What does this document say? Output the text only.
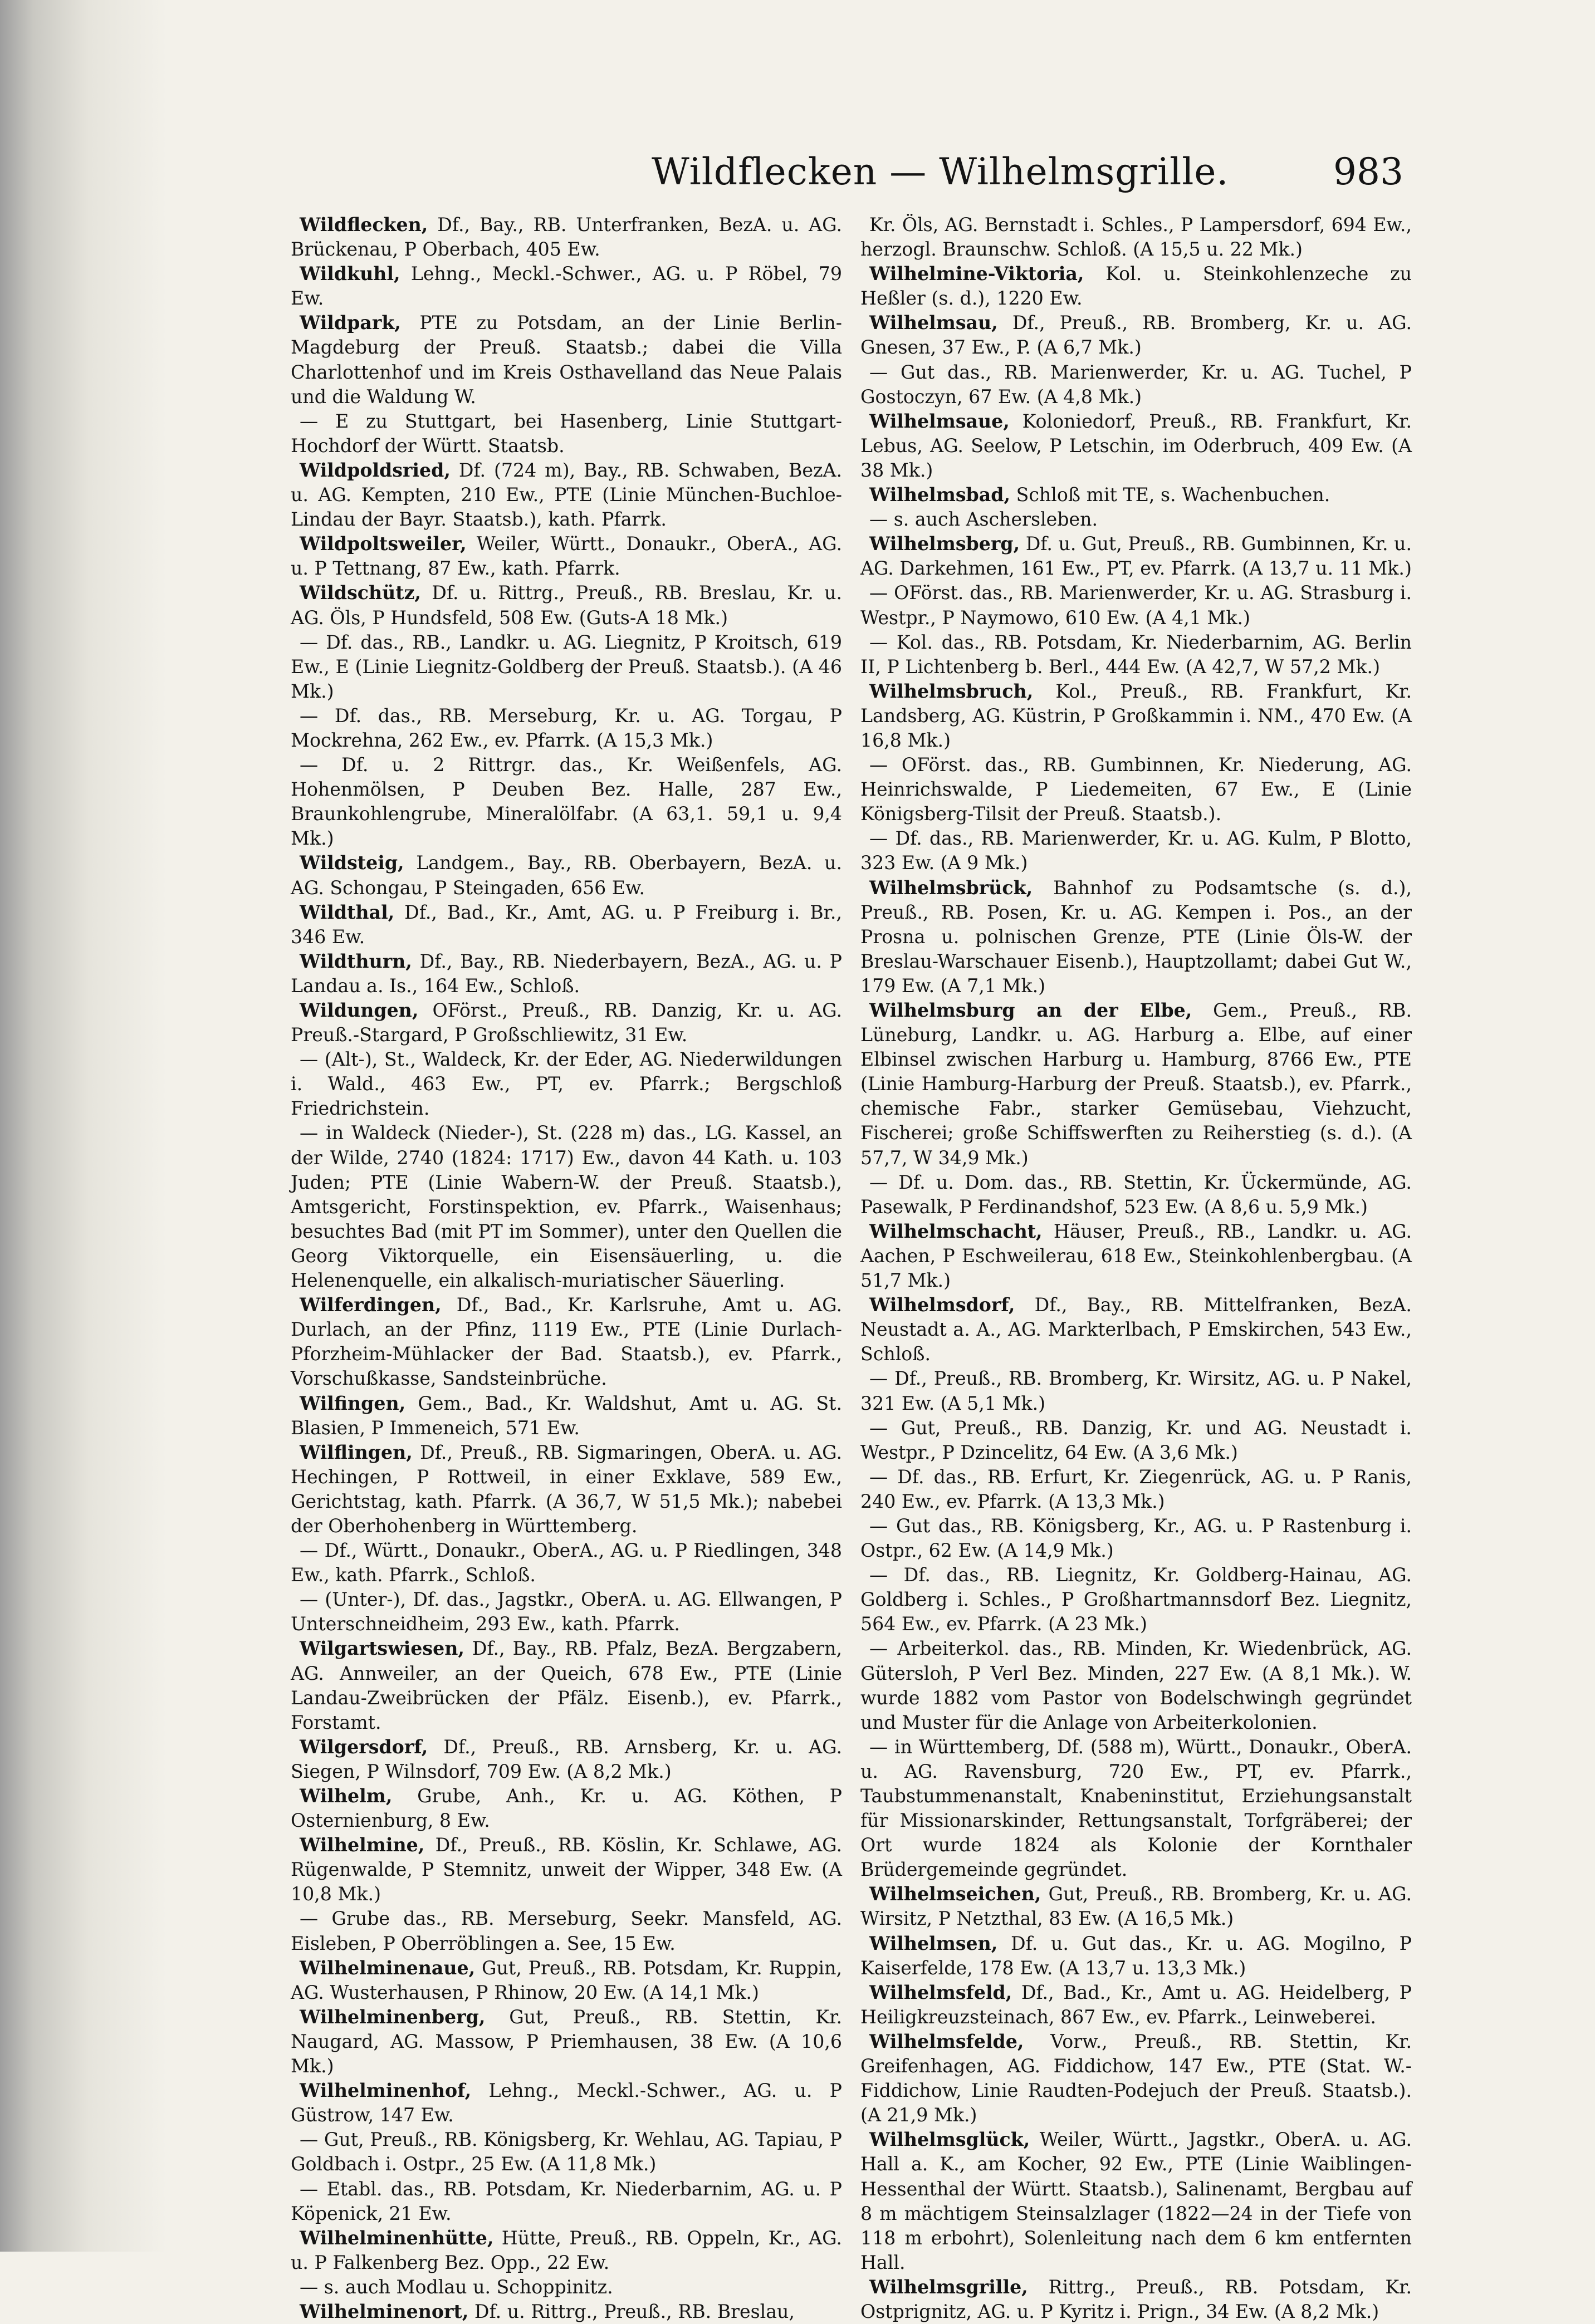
Wildflecken — Wilhelmsgrille.	983

Wildflecken, Df., Bay., RB. Unterfranken, BezA. u. AG. Brückenau, P Oberbach, 405 Ew.

Wildkuhl, Lehng., Meckl.-Schwer., AG. u. P Röbel, 79 Ew.

Wildpark, PTE zu Potsdam, an der Linie Berlin-Magdeburg der Preuß. Staatsb.; dabei die Villa Charlottenhof und im Kreis Osthavelland das Neue Palais und die Waldung W.

— E zu Stuttgart, bei Hasenberg, Linie Stuttgart-Hochdorf der Württ. Staatsb.

Wildpoldsried, Df. (724 m), Bay., RB. Schwaben, BezA. u. AG. Kempten, 210 Ew., PTE (Linie München-Buchloe-Lindau der Bayr. Staatsb.), kath. Pfarrk.

Wildpoltsweiler, Weiler, Württ., Donaukr., OberA., AG. u. P Tettnang, 87 Ew., kath. Pfarrk.

Wildschütz, Df. u. Rittrg., Preuß., RB. Breslau, Kr. u. AG. Öls, P Hundsfeld, 508 Ew. (Guts-A 18 Mk.)

— Df. das., RB., Landkr. u. AG. Liegnitz, P Kroitsch, 619 Ew., E (Linie Liegnitz-Goldberg der Preuß. Staatsb.). (A 46 Mk.)

— Df. das., RB. Merseburg, Kr. u. AG. Torgau, P Mockrehna, 262 Ew., ev. Pfarrk. (A 15,3 Mk.)

— Df. u. 2 Rittrgr. das., Kr. Weißenfels, AG. Hohenmölsen, P Deuben Bez. Halle, 287 Ew., Braunkohlengrube, Mineralölfabr. (A 63,1. 59,1 u. 9,4 Mk.)

Wildsteig, Landgem., Bay., RB. Oberbayern, BezA. u. AG. Schongau, P Steingaden, 656 Ew.

Wildthal, Df., Bad., Kr., Amt, AG. u. P Freiburg i. Br., 346 Ew.

Wildthurn, Df., Bay., RB. Niederbayern, BezA., AG. u. P Landau a. Is., 164 Ew., Schloß.

Wildungen, OFörst., Preuß., RB. Danzig, Kr. u. AG. Preuß.-Stargard, P Großschliewitz, 31 Ew.

— (Alt-), St., Waldeck, Kr. der Eder, AG. Niederwildungen i. Wald., 463 Ew., PT, ev. Pfarrk.; Bergschloß Friedrichstein.

— in Waldeck (Nieder-), St. (228 m) das., LG. Kassel, an der Wilde, 2740 (1824: 1717) Ew., davon 44 Kath. u. 103 Juden; PTE (Linie Wabern-W. der Preuß. Staatsb.), Amtsgericht, Forstinspektion, ev. Pfarrk., Waisenhaus; besuchtes Bad (mit PT im Sommer), unter den Quellen die Georg Viktorquelle, ein Eisensäuerling, u. die Helenenquelle, ein alkalisch-muriatischer Säuerling.

Wilferdingen, Df., Bad., Kr. Karlsruhe, Amt u. AG. Durlach, an der Pfinz, 1119 Ew., PTE (Linie Durlach-Pforzheim-Mühlacker der Bad. Staatsb.), ev. Pfarrk., Vorschußkasse, Sandsteinbrüche.

Wilfingen, Gem., Bad., Kr. Waldshut, Amt u. AG. St. Blasien, P Immeneich, 571 Ew.

Wilflingen, Df., Preuß., RB. Sigmaringen, OberA. u. AG. Hechingen, P Rottweil, in einer Exklave, 589 Ew., Gerichtstag, kath. Pfarrk. (A 36,7, W 51,5 Mk.); nabebei der Oberhohenberg in Württemberg.

— Df., Württ., Donaukr., OberA., AG. u. P Riedlingen, 348 Ew., kath. Pfarrk., Schloß.

— (Unter-), Df. das., Jagstkr., OberA. u. AG. Ellwangen, P Unterschneidheim, 293 Ew., kath. Pfarrk.

Wilgartswiesen, Df., Bay., RB. Pfalz, BezA. Bergzabern, AG. Annweiler, an der Queich, 678 Ew., PTE (Linie Landau-Zweibrücken der Pfälz. Eisenb.), ev. Pfarrk., Forstamt.

Wilgersdorf, Df., Preuß., RB. Arnsberg, Kr. u. AG. Siegen, P Wilnsdorf, 709 Ew. (A 8,2 Mk.)

Wilhelm, Grube, Anh., Kr. u. AG. Köthen, P Osternienburg, 8 Ew.

Wilhelmine, Df., Preuß., RB. Köslin, Kr. Schlawe, AG. Rügenwalde, P Stemnitz, unweit der Wipper, 348 Ew. (A 10,8 Mk.)

— Grube das., RB. Merseburg, Seekr. Mansfeld, AG. Eisleben, P Oberröblingen a. See, 15 Ew.

Wilhelminenaue, Gut, Preuß., RB. Potsdam, Kr. Ruppin, AG. Wusterhausen, P Rhinow, 20 Ew. (A 14,1 Mk.)

Wilhelminenberg, Gut, Preuß., RB. Stettin, Kr. Naugard, AG. Massow, P Priemhausen, 38 Ew. (A 10,6 Mk.)

Wilhelminenhof, Lehng., Meckl.-Schwer., AG. u. P Güstrow, 147 Ew.

— Gut, Preuß., RB. Königsberg, Kr. Wehlau, AG. Tapiau, P Goldbach i. Ostpr., 25 Ew. (A 11,8 Mk.)

— Etabl. das., RB. Potsdam, Kr. Niederbarnim, AG. u. P Köpenick, 21 Ew.

Wilhelminenhütte, Hütte, Preuß., RB. Oppeln, Kr., AG. u. P Falkenberg Bez. Opp., 22 Ew.

— s. auch Modlau u. Schoppinitz.

Wilhelminenort, Df. u. Rittrg., Preuß., RB. Breslau,

Kr. Öls, AG. Bernstadt i. Schles., P Lampersdorf, 694 Ew., herzogl. Braunschw. Schloß. (A 15,5 u. 22 Mk.)

Wilhelmine-Viktoria, Kol. u. Steinkohlenzeche zu Heßler (s. d.), 1220 Ew.

Wilhelmsau, Df., Preuß., RB. Bromberg, Kr. u. AG. Gnesen, 37 Ew., P. (A 6,7 Mk.)

— Gut das., RB. Marienwerder, Kr. u. AG. Tuchel, P Gostoczyn, 67 Ew. (A 4,8 Mk.)

Wilhelmsaue, Koloniedorf, Preuß., RB. Frankfurt, Kr. Lebus, AG. Seelow, P Letschin, im Oderbruch, 409 Ew. (A 38 Mk.)

Wilhelmsbad, Schloß mit TE, s. Wachenbuchen.

— s. auch Aschersleben.

Wilhelmsberg, Df. u. Gut, Preuß., RB. Gumbinnen, Kr. u. AG. Darkehmen, 161 Ew., PT, ev. Pfarrk. (A 13,7 u. 11 Mk.)

— OFörst. das., RB. Marienwerder, Kr. u. AG. Strasburg i. Westpr., P Naymowo, 610 Ew. (A 4,1 Mk.)

— Kol. das., RB. Potsdam, Kr. Niederbarnim, AG. Berlin II, P Lichtenberg b. Berl., 444 Ew. (A 42,7, W 57,2 Mk.)

Wilhelmsbruch, Kol., Preuß., RB. Frankfurt, Kr. Landsberg, AG. Küstrin, P Großkammin i. NM., 470 Ew. (A 16,8 Mk.)

— OFörst. das., RB. Gumbinnen, Kr. Niederung, AG. Heinrichswalde, P Liedemeiten, 67 Ew., E (Linie Königsberg-Tilsit der Preuß. Staatsb.).

— Df. das., RB. Marienwerder, Kr. u. AG. Kulm, P Blotto, 323 Ew. (A 9 Mk.)

Wilhelmsbrück, Bahnhof zu Podsamtsche (s. d.), Preuß., RB. Posen, Kr. u. AG. Kempen i. Pos., an der Prosna u. polnischen Grenze, PTE (Linie Öls-W. der Breslau-Warschauer Eisenb.), Hauptzollamt; dabei Gut W., 179 Ew. (A 7,1 Mk.)

Wilhelmsburg an der Elbe, Gem., Preuß., RB. Lüneburg, Landkr. u. AG. Harburg a. Elbe, auf einer Elbinsel zwischen Harburg u. Hamburg, 8766 Ew., PTE (Linie Hamburg-Harburg der Preuß. Staatsb.), ev. Pfarrk., chemische Fabr., starker Gemüsebau, Viehzucht, Fischerei; große Schiffswerften zu Reiherstieg (s. d.). (A 57,7, W 34,9 Mk.)

— Df. u. Dom. das., RB. Stettin, Kr. Ückermünde, AG. Pasewalk, P Ferdinandshof, 523 Ew. (A 8,6 u. 5,9 Mk.)

Wilhelmschacht, Häuser, Preuß., RB., Landkr. u. AG. Aachen, P Eschweilerau, 618 Ew., Steinkohlenbergbau. (A 51,7 Mk.)

Wilhelmsdorf, Df., Bay., RB. Mittelfranken, BezA. Neustadt a. A., AG. Markterlbach, P Emskirchen, 543 Ew., Schloß.

— Df., Preuß., RB. Bromberg, Kr. Wirsitz, AG. u. P Nakel, 321 Ew. (A 5,1 Mk.)

— Gut, Preuß., RB. Danzig, Kr. und AG. Neustadt i. Westpr., P Dzincelitz, 64 Ew. (A 3,6 Mk.)

— Df. das., RB. Erfurt, Kr. Ziegenrück, AG. u. P Ranis, 240 Ew., ev. Pfarrk. (A 13,3 Mk.)

— Gut das., RB. Königsberg, Kr., AG. u. P Rastenburg i. Ostpr., 62 Ew. (A 14,9 Mk.)

— Df. das., RB. Liegnitz, Kr. Goldberg-Hainau, AG. Goldberg i. Schles., P Großhartmannsdorf Bez. Liegnitz, 564 Ew., ev. Pfarrk. (A 23 Mk.)

— Arbeiterkol. das., RB. Minden, Kr. Wiedenbrück, AG. Gütersloh, P Verl Bez. Minden, 227 Ew. (A 8,1 Mk.). W. wurde 1882 vom Pastor von Bodelschwingh gegründet und Muster für die Anlage von Arbeiterkolonien.

— in Württemberg, Df. (588 m), Württ., Donaukr., OberA. u. AG. Ravensburg, 720 Ew., PT, ev. Pfarrk., Taubstummenanstalt, Knabeninstitut, Erziehungsanstalt für Missionarskinder, Rettungsanstalt, Torfgräberei; der Ort wurde 1824 als Kolonie der Kornthaler Brüdergemeinde gegründet.

Wilhelmseichen, Gut, Preuß., RB. Bromberg, Kr. u. AG. Wirsitz, P Netzthal, 83 Ew. (A 16,5 Mk.)

Wilhelmsen, Df. u. Gut das., Kr. u. AG. Mogilno, P Kaiserfelde, 178 Ew. (A 13,7 u. 13,3 Mk.)

Wilhelmsfeld, Df., Bad., Kr., Amt u. AG. Heidelberg, P Heiligkreuzsteinach, 867 Ew., ev. Pfarrk., Leinweberei.

Wilhelmsfelde, Vorw., Preuß., RB. Stettin, Kr. Greifenhagen, AG. Fiddichow, 147 Ew., PTE (Stat. W.-Fiddichow, Linie Raudten-Podejuch der Preuß. Staatsb.). (A 21,9 Mk.)

Wilhelmsglück, Weiler, Württ., Jagstkr., OberA. u. AG. Hall a. K., am Kocher, 92 Ew., PTE (Linie Waiblingen-Hessenthal der Württ. Staatsb.), Salinenamt, Bergbau auf 8 m mächtigem Steinsalzlager (1822—24 in der Tiefe von 118 m erbohrt), Solenleitung nach dem 6 km entfernten Hall.

Wilhelmsgrille, Rittrg., Preuß., RB. Potsdam, Kr. Ostprignitz, AG. u. P Kyritz i. Prign., 34 Ew. (A 8,2 Mk.)
